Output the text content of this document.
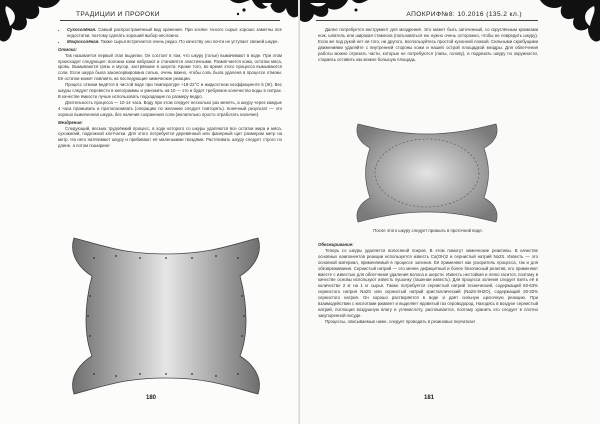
ТРАДИЦИИ И ПРОРОКИ
• Сухосолёная. Самый распространённый вид хранения. При косяке та-кого сырья хорошо заметны все недостатки, поэтому сделать хороший выбор несложно.
• Мокросолёная. Также сырья встречается очень редко. По качеству оно почти не уступает свежей шкуре.

Отмока:

Так называется первый этап выделки. Он состоит в том, что шкуру (голье) вымачивают в воде. При этом происходит следующее: волокна кожи набухают и становятся эластичными. Размягчается кожа, остатки мяса, кровь. Вымываются грязь и мусор, застрявшие в шерсти. Кроме того, во время этого процесса вымываются соли. Если шкура была законсервирована солью, очень важно, чтобы соль была удалена в процессе отмоки. Её остатки может повлиять на последующие химические реакции.

Процесс отмоки ведётся в чистой воде при температуре +18-22°С и жидкостном коэффициенте 5 (Ж). Вес шкуры следует перевести в килограммы и умножить на 10 — это и будет требуемое количество воды в литрах. В качестве ёмкости лучше использовать подходящие по размеру ведро.

Длительность процесса — 10-14 часа. Воду при этом следует несколько раз менять, а шкуру через каждые 4 часа промывать и прополаскивать (операцию по желанию следует повторять). Конечный результат — это хорошо вымоченная шкура, без наличия сохранения соли (желательно просто отработать наличие).

Мездрение:

Следующий, весьма трудоёмкий процесс, в ходе которого со шкуры удаляются все остатки жира и мяса, сухожилий, подкожной клетчатки. Для этого потребуется деревянный или фанерный щит размером метр на метр. На него натягивают шкуру и прибивают её маленькими гвоздями. Растягивать шкуру следует строго по длине, а потом поширине:

180
АПОКРИФ№8: 10.2016 (135.2 кл.)

Далее потребуется инструмент для мездрения. Это может быть заточенный, со скруглённым кромками нож, шпатель или широкая стамеска (пользоваться ею нужно очень осторожно, чтобы не повредить шкуру). Если же под рукой нет ни того, ни другого, воспользуйтесь простой кухонной ложкой. Сильными скребущими движениями удаляйте с внутренней стороны кожи и нашей острой площадкой мездры. Для облегчения работы можно отрезать части, которые не потребуются (лапы, голову), и подрезать шкуру по окружности, стараясь оставить как можно большую площадь.

После этого шкуру следует промыть в проточной воде.

Обезжиривание:

Теперь со шкуры удаляется волосяной покров. В этом помогут химические реактивы. В качестве основных компонентов реакции используется известь Ca(OH)2 и сернистый натрий Na2S. Известь — это основной материал, применяемый в процессе золения. Её применяют как ускоритель процесса, так и для обезвреживания. Сернистый натрий — это менее дефицитный и более безопасный реактив, его применяют вместе с известью для облегчения удаления волоса и шерсти. Известь нестойкая и легко гасится, поэтому в качестве основы используют известь пушонку (гашеная известь). Для процесса золения следует взять её в количестве 2 кг на 1 кг сырья. Также потребуется сернистый натрий технический, содержащий 60-63% сернистого натрия Na2S или сернистый натрий кристаллический (Na2S·9H2O), содержащий 30-32% сернистого натрия. Он хорошо растворяется в воде и даёт сильную щелочную реакцию. При взаимодействии с кислотами ржавеет и выделяет ядовитый газ сероводород. Находясь в воздухе сернистый натрий, поглощая воздушную влагу и углекислоту, расплывается, поэтому хранить его следует в плотно закупоренной посуде.

Процессы, описываемые ниже, следует проводить в резиновых перчатках!

181
